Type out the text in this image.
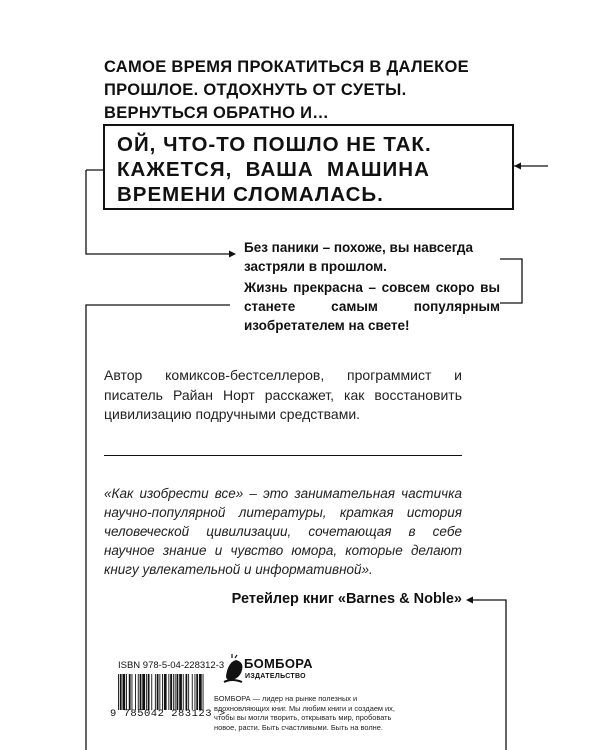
САМОЕ ВРЕМЯ ПРОКАТИТЬСЯ В ДАЛЕКОЕ
ПРОШЛОЕ. ОТДОХНУТЬ ОТ СУЕТЫ.
ВЕРНУТЬСЯ ОБРАТНО И…
ОЙ, ЧТО-ТО ПОШЛО НЕ ТАК.
КАЖЕТСЯ,  ВАША  МАШИНА
ВРЕМЕНИ СЛОМАЛАСЬ.
Без паники – похоже, вы навсегда застряли в прошлом.
Жизнь прекрасна – совсем скоро вы станете самым популярным изобретателем на свете!
Автор комиксов-бестселлеров, программист и писатель Райан Норт расскажет, как восстановить цивилизацию подручными средствами.
«Как изобрести все» – это занимательная частичка научно-популярной литературы, краткая история человеческой цивилизации, сочетающая в себе научное знание и чувство юмора, которые делают книгу увлекательной и информативной».
Ретейлер книг «Barnes & Noble»
ISBN 978-5-04-228312-3
9 785042 283123 >
БОМБОРА
ИЗДАТЕЛЬСТВО
БОМБОРА — лидер на рынке полезных и вдохновляющих книг. Мы любим книги и создаем их, чтобы вы могли творить, открывать мир, пробовать новое, расти. Быть счастливыми. Быть на волне.
